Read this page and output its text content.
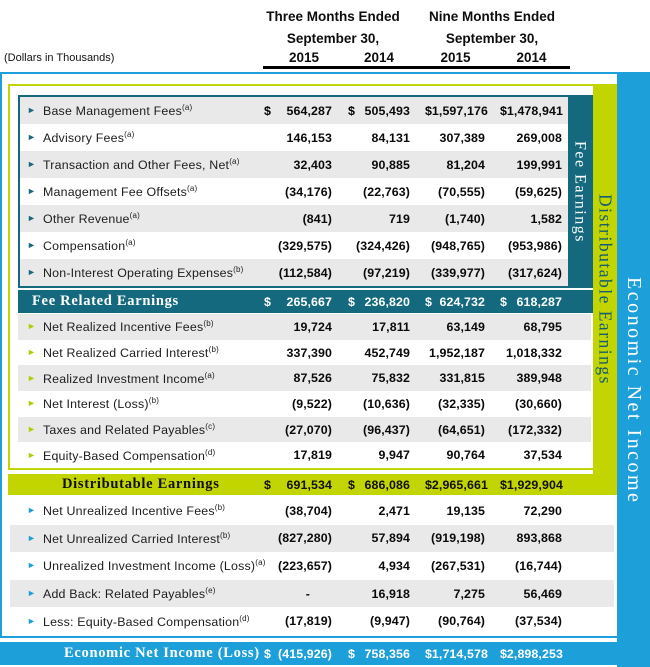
(Dollars in Thousands)
Three Months Ended
September 30,
Nine Months Ended
September 30,
2015	2014	2015	2014
Economic Net Income
Distributable Earnings
► Base Management Fees$^{(a)}$	$ 564,287 $ 505,493 $ 1,597,176 $ 1,478,941
► Advisory Fees$^{(a)}$	146,153	84,131 307,389	269,008
► Transaction and Other Fees, Net$^{(a)}$	32,403	90,885	81,204	199,991
► Management Fee Offsets$^{(a)}$	(34,176)	(22,763) (70,555) (59,625)
► Other Revenue$^{(a)}$	(841)	719	(1,740)	1,582
► Compensation$^{(a)}$	(329,575) (324,426) (948,765) (953,986)
► Non-Interest Operating Expenses$^{(b)}$	(112,584)	(97,219) (339,977) (317,624)
Fee Earnings
Fee Related Earnings	$ 265,667 $ 236,820 $ 624,732 $ 618,287
► Net Realized Incentive Fees$^{(b)}$	19,724	17,811	63,149	68,795
► Net Realized Carried Interest$^{(b)}$	337,390	452,749 1,952,187 1,018,332
► Realized Investment Income$^{(a)}$	87,526	75,832 331,815	389,948
► Net Interest (Loss)$^{(b)}$	(9,522)	(10,636) (32,335) (30,660)
► Taxes and Related Payables$^{(c)}$	(27,070)	(96,437) (64,651) (172,332)
► Equity-Based Compensation$^{(d)}$	17,819	9,947	90,764	37,534
Distributable Earnings	$ 691,534 $ 686,086 $ 2,965,661 $ 1,929,904
► Net Unrealized Incentive Fees$^{(b)}$	(38,704)	2,471	19,135	72,290
► Net Unrealized Carried Interest$^{(b)}$	(827,280)	57,894 (919,198)	893,868
► Unrealized Investment Income (Loss)$^{(a)}$ (223,657)	4,934 (267,531) (16,744)
► Add Back: Related Payables$^{(e)}$	-	16,918	7,275	56,469
► Less: Equity-Based Compensation$^{(d)}$	(17,819)	(9,947) (90,764) (37,534)
Economic Net Income (Loss) $ (415,926) $ 758,356 $ 1,714,578 $ 2,898,253
